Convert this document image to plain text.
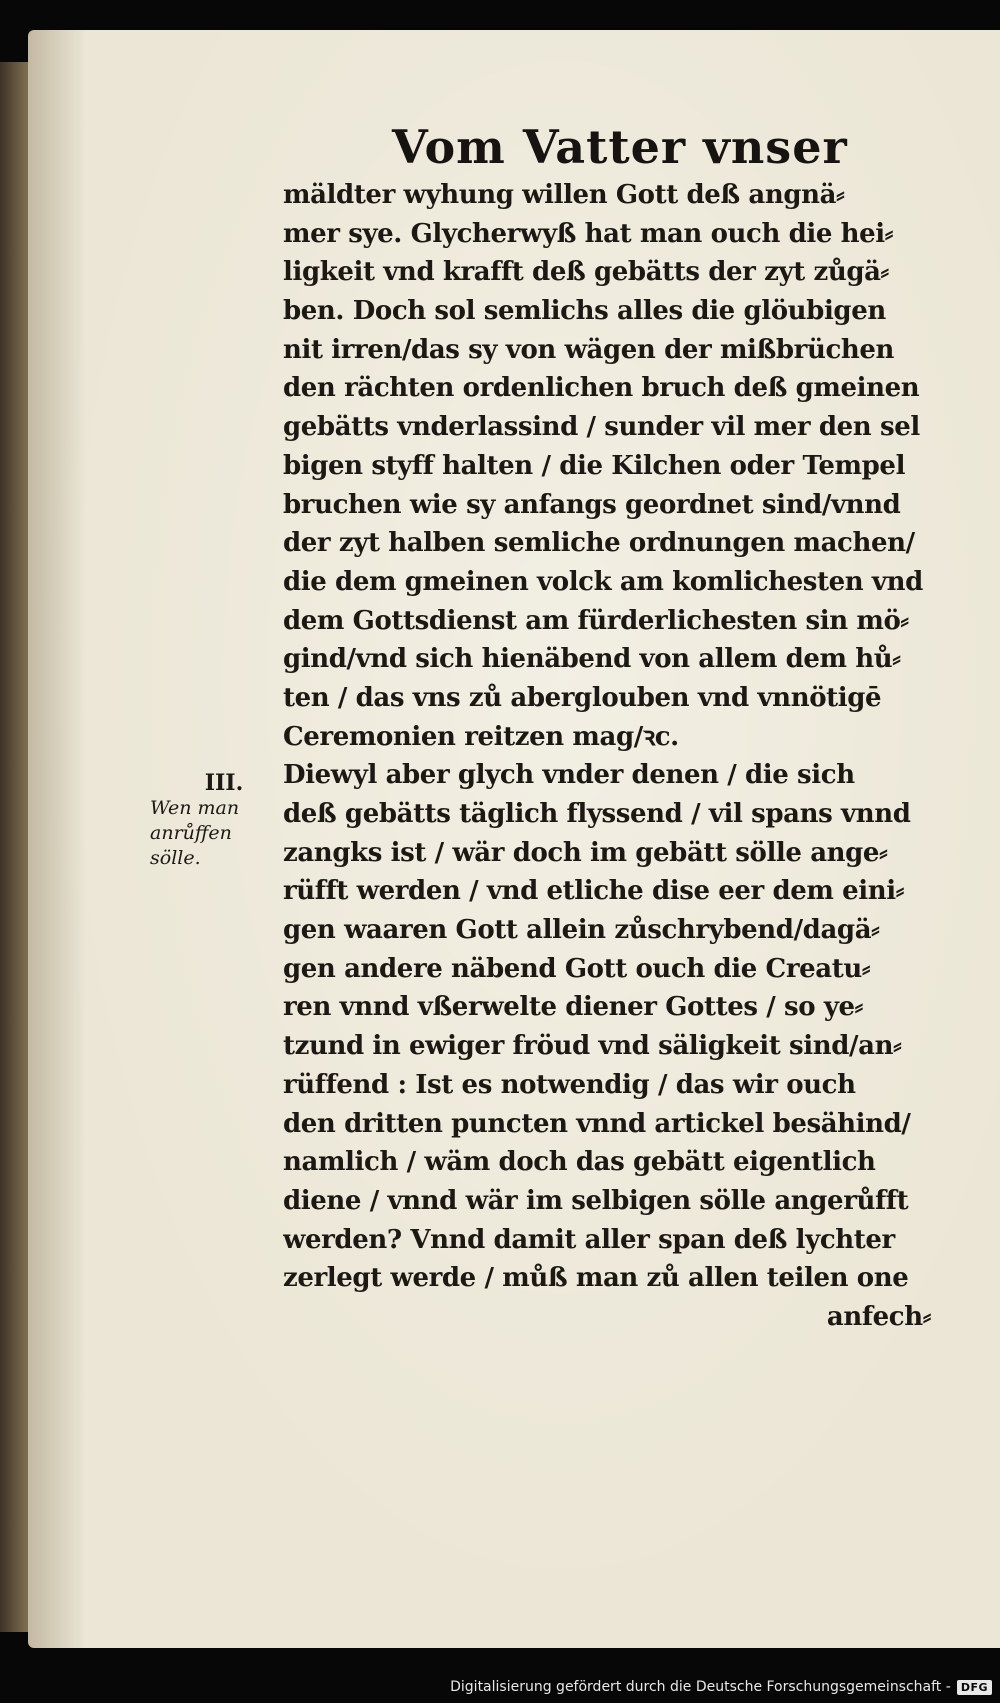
Vom Vatter vnser
mäldter wyhung willen Gott deß angnä⸗
mer sye. Glycherwyß hat man ouch die hei⸗
ligkeit vnd krafft deß gebätts der zyt zůgä⸗
ben. Doch sol semlichs alles die glöubigen
nit irren/das sy von wägen der mißbrüchen
den rächten ordenlichen bruch deß gmeinen
gebätts vnderlassind / sunder vil mer den sel
bigen styff halten / die Kilchen oder Tempel
bruchen wie sy anfangs geordnet sind/vnnd
der zyt halben semliche ordnungen machen/
die dem gmeinen volck am komlichesten vnd
dem Gottsdienst am fürderlichesten sin mö⸗
gind/vnd sich hienäbend von allem dem hů⸗
ten / das vns zů aberglouben vnd vnnötigē
Ceremonien reitzen mag/ꝛc.
Diewyl aber glych vnder denen / die sich
deß gebätts täglich flyssend / vil spans vnnd
zangks ist / wär doch im gebätt sölle ange⸗
rüfft werden / vnd etliche dise eer dem eini⸗
gen waaren Gott allein zůschrybend/dagä⸗
gen andere näbend Gott ouch die Creatu⸗
ren vnnd vßerwelte diener Gottes / so ye⸗
tzund in ewiger fröud vnd säligkeit sind/an⸗
rüffend : Ist es notwendig / das wir ouch
den dritten puncten vnnd artickel besähind/
namlich / wäm doch das gebätt eigentlich
diene / vnnd wär im selbigen sölle angerůfft
werden? Vnnd damit aller span deß lychter
zerlegt werde / můß man zů allen teilen one
anfech⸗
III.
Wen man
anrůffen
sölle.
Digitalisierung gefördert durch die Deutsche Forschungsgemeinschaft - DFG
